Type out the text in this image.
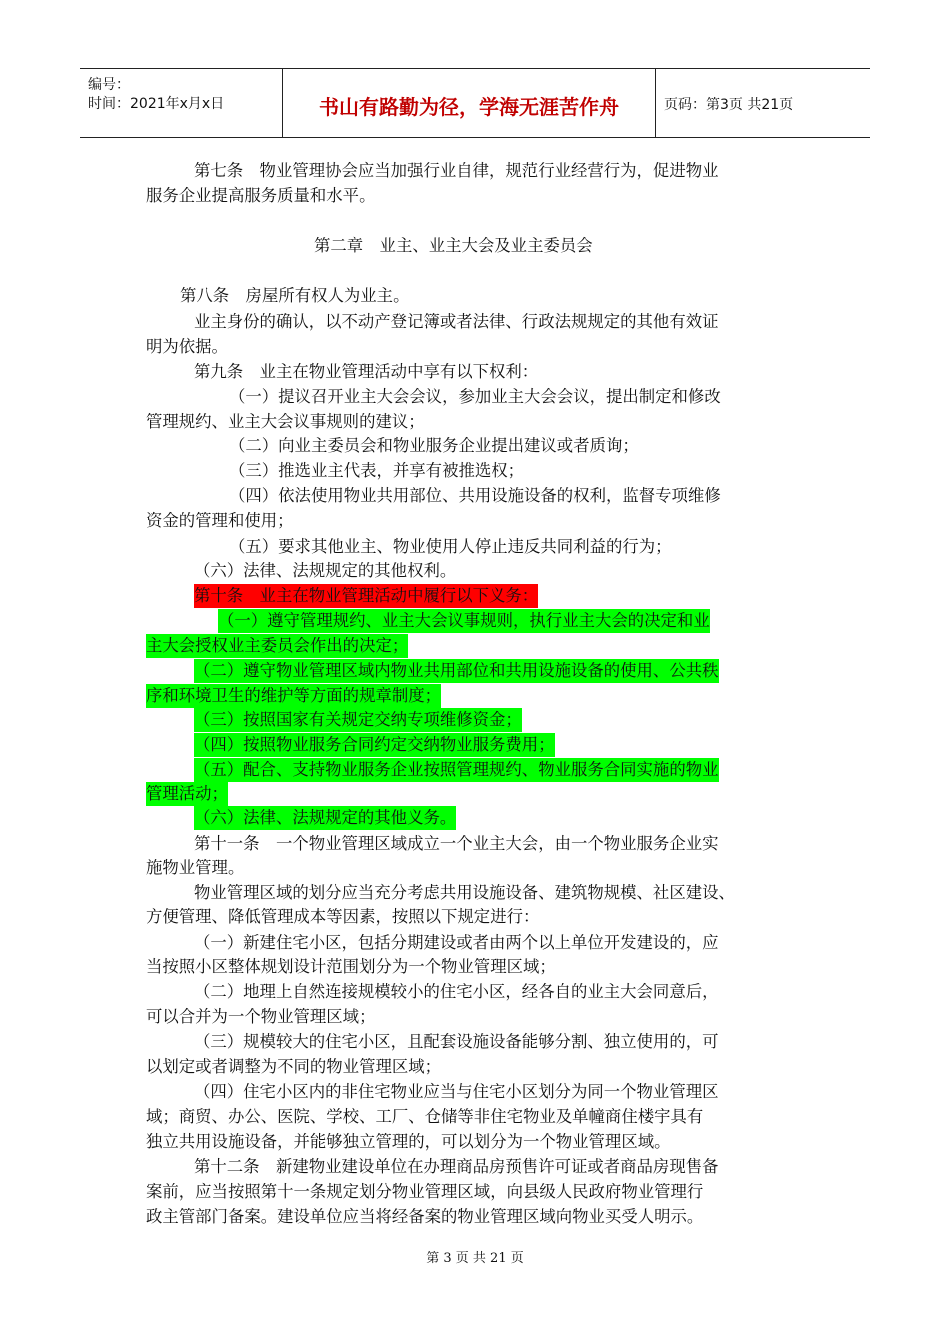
编号：
时间：2021年x月x日	书山有路勤为径，学海无涯苦作舟	页码：第3页 共21页
第七条　物业管理协会应当加强行业自律，规范行业经营行为，促进物业
服务企业提高服务质量和水平。
第二章　业主、业主大会及业主委员会
第八条　房屋所有权人为业主。
业主身份的确认，以不动产登记簿或者法律、行政法规规定的其他有效证
明为依据。
第九条　业主在物业管理活动中享有以下权利：
（一）提议召开业主大会会议，参加业主大会会议，提出制定和修改
管理规约、业主大会议事规则的建议；
（二）向业主委员会和物业服务企业提出建议或者质询；
（三）推选业主代表，并享有被推选权；
（四）依法使用物业共用部位、共用设施设备的权利，监督专项维修
资金的管理和使用；
（五）要求其他业主、物业使用人停止违反共同利益的行为；
（六）法律、法规规定的其他权利。
第十条　业主在物业管理活动中履行以下义务：
（一）遵守管理规约、业主大会议事规则，执行业主大会的决定和业
主大会授权业主委员会作出的决定；
（二）遵守物业管理区域内物业共用部位和共用设施设备的使用、公共秩
序和环境卫生的维护等方面的规章制度；
（三）按照国家有关规定交纳专项维修资金；
（四）按照物业服务合同约定交纳物业服务费用；
（五）配合、支持物业服务企业按照管理规约、物业服务合同实施的物业
管理活动；
（六）法律、法规规定的其他义务。
第十一条　一个物业管理区域成立一个业主大会，由一个物业服务企业实
施物业管理。
物业管理区域的划分应当充分考虑共用设施设备、建筑物规模、社区建设、
方便管理、降低管理成本等因素，按照以下规定进行：
（一）新建住宅小区，包括分期建设或者由两个以上单位开发建设的，应
当按照小区整体规划设计范围划分为一个物业管理区域；
（二）地理上自然连接规模较小的住宅小区，经各自的业主大会同意后，
可以合并为一个物业管理区域；
（三）规模较大的住宅小区，且配套设施设备能够分割、独立使用的，可
以划定或者调整为不同的物业管理区域；
（四）住宅小区内的非住宅物业应当与住宅小区划分为同一个物业管理区
域；商贸、办公、医院、学校、工厂、仓储等非住宅物业及单幢商住楼宇具有
独立共用设施设备，并能够独立管理的，可以划分为一个物业管理区域。
第十二条　新建物业建设单位在办理商品房预售许可证或者商品房现售备
案前，应当按照第十一条规定划分物业管理区域，向县级人民政府物业管理行
政主管部门备案。建设单位应当将经备案的物业管理区域向物业买受人明示。
第 3 页 共 21 页
